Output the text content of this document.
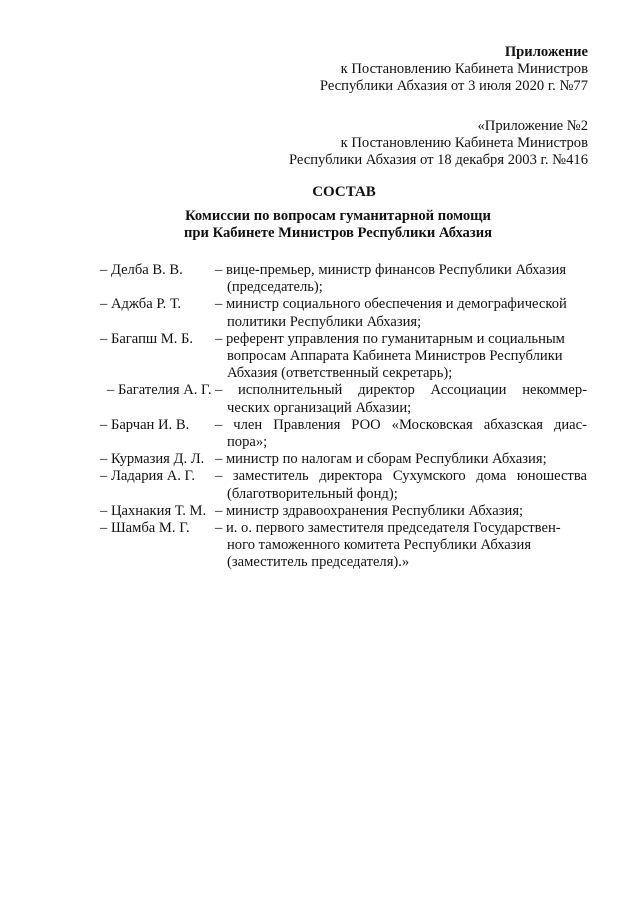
Приложение
к Постановлению Кабинета Министров
Республики Абхазия от 3 июля 2020 г. №77
«Приложение №2
к Постановлению Кабинета Министров
Республики Абхазия от 18 декабря 2003 г. №416
СОСТАВ
Комиссии по вопросам гуманитарной помощи
при Кабинете Министров Республики Абхазия
– Делба В. В. – вице-премьер, министр финансов Республики Абхазия
(председатель);
– Аджба Р. Т. – министр социального обеспечения и демографической
политики Республики Абхазия;
– Багапш М. Б. – референт управления по гуманитарным и социальным
вопросам Аппарата Кабинета Министров Республики
Абхазия (ответственный секретарь);
– Багателия А. Г. – исполнительный директор Ассоциации некоммер-
ческих организаций Абхазии;
– Барчан И. В. – член Правления РОО «Московская абхазская диас-
пора»;
– Курмазия Д. Л. – министр по налогам и сборам Республики Абхазия;
– Ладария А. Г. – заместитель директора Сухумского дома юношества
(благотворительный фонд);
– Цахнакия Т. М. – министр здравоохранения Республики Абхазия;
– Шамба М. Г. – и. о. первого заместителя председателя Государствен-
ного таможенного комитета Республики Абхазия
(заместитель председателя).»
